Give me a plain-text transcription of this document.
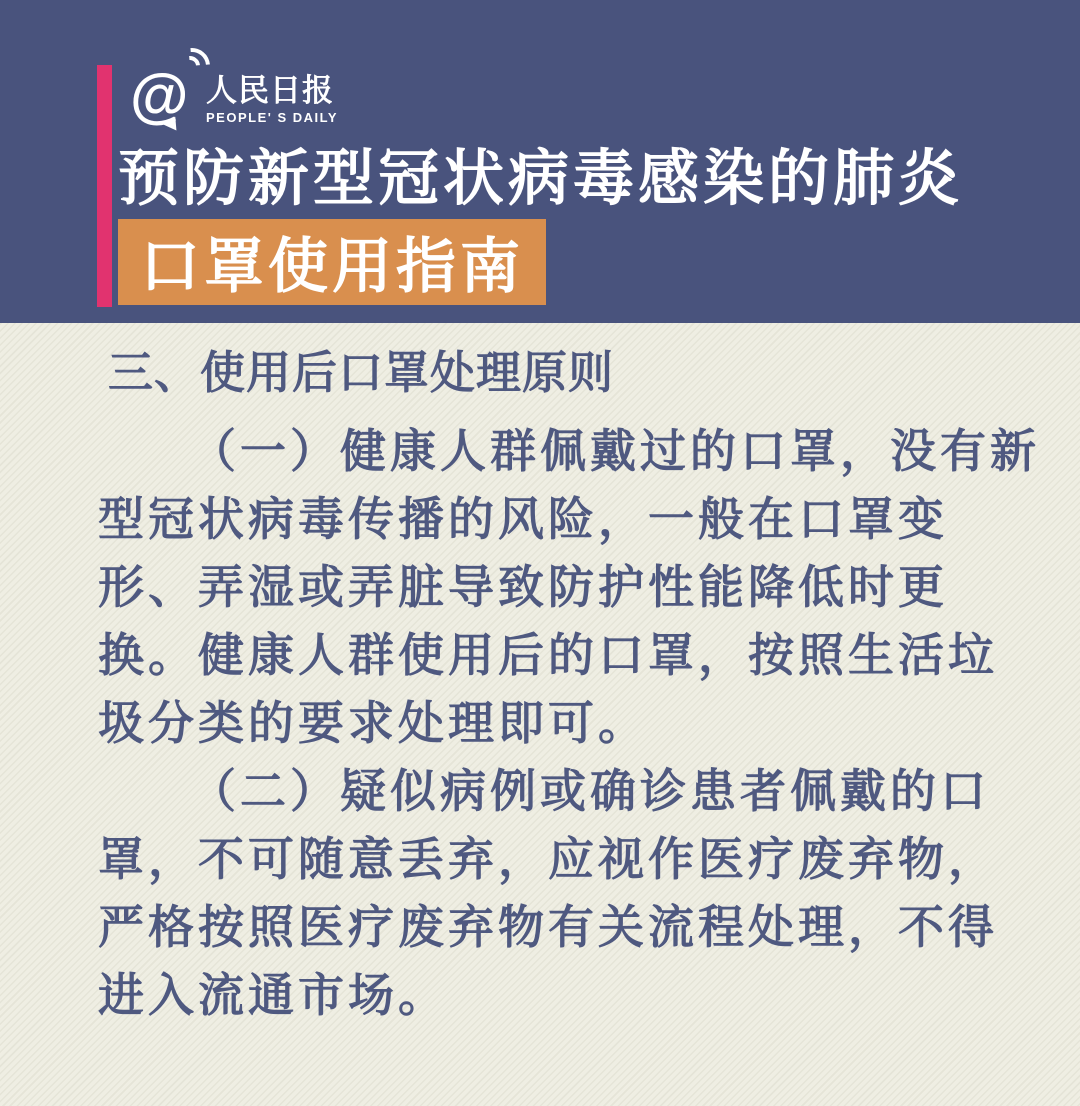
@ 人民日报
PEOPLE' S DAILY
预防新型冠状病毒感染的肺炎
口罩使用指南
三、使用后口罩处理原则
（一）健康人群佩戴过的口罩，没有新
型冠状病毒传播的风险，一般在口罩变
形、弄湿或弄脏导致防护性能降低时更
换。健康人群使用后的口罩，按照生活垃
圾分类的要求处理即可。
（二）疑似病例或确诊患者佩戴的口
罩，不可随意丢弃，应视作医疗废弃物，
严格按照医疗废弃物有关流程处理，不得
进入流通市场。
